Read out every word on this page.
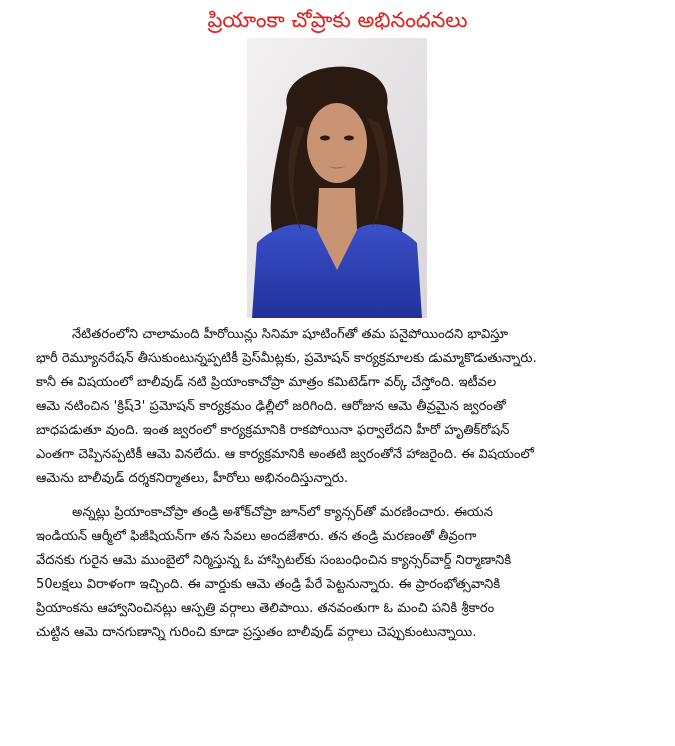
ప్రియాంకా చోప్రాకు అభినందనలు
నేటితరంలోని చాలామంది హీరోయిన్లు సినిమా షూటింగ్‌తో తమ పనైపోయిందని భావిస్తూ
భారీ రెమ్యూనరేషన్ తీసుకుంటున్నప్పటికీ ప్రెస్‌మీట్లకు, ప్రమోషన్ కార్యక్రమాలకు డుమ్మాకొడుతున్నారు.
కానీ ఈ విషయంలో బాలీవుడ్ నటి ప్రియాంకాచోప్రా మాత్రం కమిటెడ్‌గా వర్క్ చేస్తోంది. ఇటీవల
ఆమె నటించిన 'క్రిష్3' ప్రమోషన్ కార్యక్రమం ఢిల్లీలో జరిగింది. ఆరోజున ఆమె తీవ్రమైన జ్వరంతో
బాధపడుతూ వుంది. ఇంత జ్వరంలో కార్యక్రమానికి రాకపోయినా ఫర్వాలేదని హీరో హృతిక్‌రోషన్
ఎంతగా చెప్పినప్పటికీ ఆమె వినలేదు. ఆ కార్యక్రమానికి అంతటి జ్వరంతోనే హాజరైంది. ఈ విషయంలో
ఆమెను బాలీవుడ్ దర్శకనిర్మాతలు, హీరోలు అభినందిస్తున్నారు.
అన్నట్లు ప్రియాంకాచోప్రా తండ్రి అశోక్‌చోప్రా జూన్‌లో క్యాన్సర్‌తో మరణించారు. ఈయన
ఇండియన్ ఆర్మీలో ఫిజీషియన్‌గా తన సేవలు అందజేశారు. తన తండ్రి మరణంతో తీవ్రంగా
వేదనకు గురైన ఆమె ముంబైలో నిర్మిస్తున్న ఓ హాస్పిటల్‌కు సంబంధించిన క్యాన్సర్‌వార్డ్ నిర్మాణానికి
50లక్షలు విరాళంగా ఇచ్చింది. ఈ వార్డుకు ఆమె తండ్రి పేరే పెట్టనున్నారు. ఈ ప్రారంభోత్సవానికి
ప్రియాంకను ఆహ్వానించినట్లు ఆస్పత్రి వర్గాలు తెలిపాయి. తనవంతుగా ఓ మంచి పనికి శ్రీకారం
చుట్టిన ఆమె దానగుణాన్ని గురించి కూడా ప్రస్తుతం బాలీవుడ్ వర్గాలు చెప్పుకుంటున్నాయి.
